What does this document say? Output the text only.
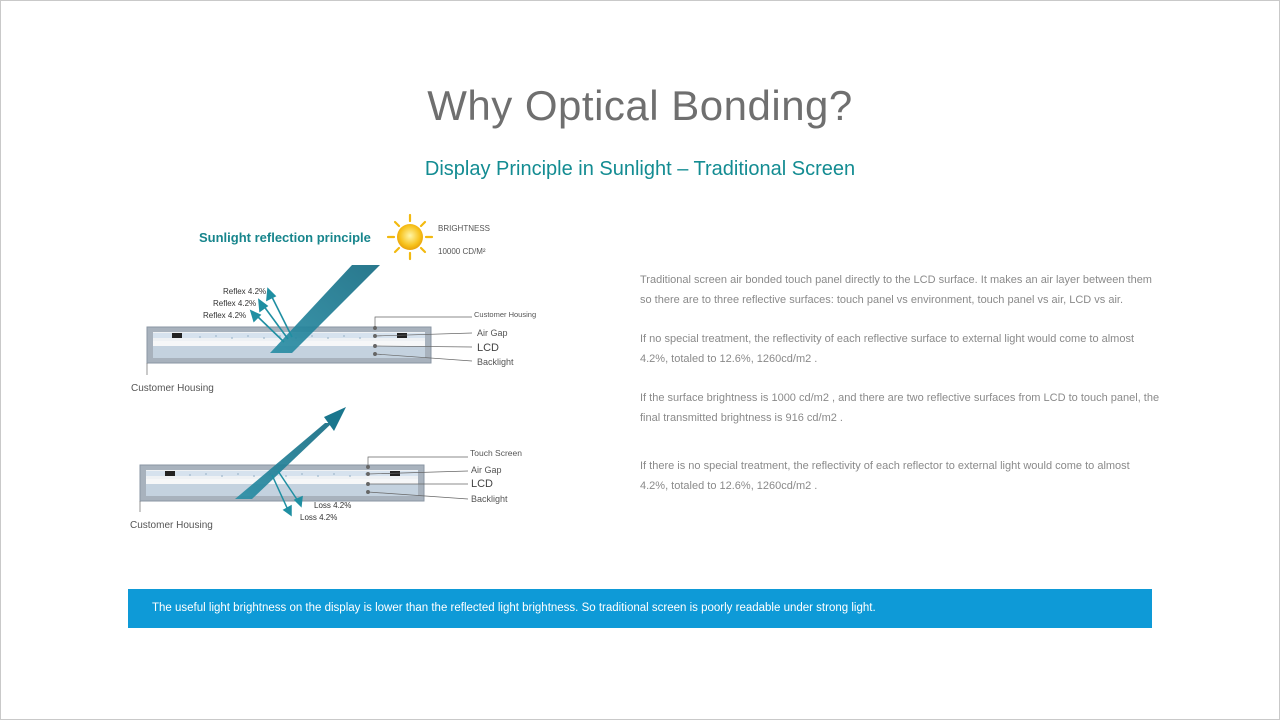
Why Optical Bonding?
Display Principle in Sunlight – Traditional Screen
Sunlight reflection principle
BRIGHTNESS
10000 CD/M²
Reflex 4.2%
Reflex 4.2%
Reflex 4.2%	Customer Housing
Air Gap
LCD
Backlight
Customer Housing
Loss 4.2%
Loss 4.2%
Touch Screen
Air Gap
LCD
Backlight
Customer Housing

Traditional screen air bonded touch panel directly to the LCD surface. It makes an air layer between them so there are to three reflective surfaces: touch panel vs environment, touch panel vs air, LCD vs air.

If no special treatment, the reflectivity of each reflective surface to external light would come to almost 4.2%, totaled to 12.6%, 1260cd/m2 .

If the surface brightness is 1000 cd/m2 , and there are two reflective surfaces from LCD to touch panel, the final transmitted brightness is 916 cd/m2 .

If there is no special treatment, the reflectivity of each reflector to external light would come to almost 4.2%, totaled to 12.6%, 1260cd/m2 .

The useful light brightness on the display is lower than the reflected light brightness. So traditional screen is poorly readable under strong light.
